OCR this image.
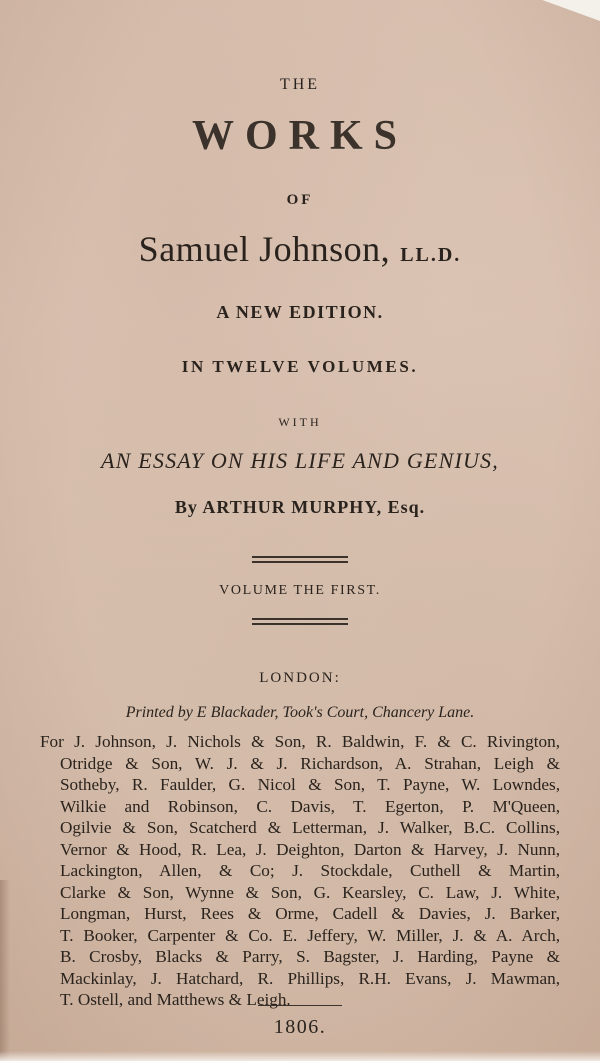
THE
WORKS
OF
Samuel Johnson, LL.D.
A NEW EDITION.
IN TWELVE VOLUMES.
WITH
AN ESSAY ON HIS LIFE AND GENIUS,
By ARTHUR MURPHY, Esq.
VOLUME THE FIRST.
LONDON:
Printed by E Blackader, Took's Court, Chancery Lane.
For J. Johnson, J. Nichols & Son, R. Baldwin, F. & C. Rivington,
Otridge & Son, W. J. & J. Richardson, A. Strahan, Leigh &
Sotheby, R. Faulder, G. Nicol & Son, T. Payne, W. Lowndes,
Wilkie and Robinson, C. Davis, T. Egerton, P. M'Queen,
Ogilvie & Son, Scatcherd & Letterman, J. Walker, B.C. Collins,
Vernor & Hood, R. Lea, J. Deighton, Darton & Harvey, J. Nunn,
Lackington, Allen, & Co; J. Stockdale, Cuthell & Martin,
Clarke & Son, Wynne & Son, G. Kearsley, C. Law, J. White,
Longman, Hurst, Rees & Orme, Cadell & Davies, J. Barker,
T. Booker, Carpenter & Co. E. Jeffery, W. Miller, J. & A. Arch,
B. Crosby, Blacks & Parry, S. Bagster, J. Harding, Payne &
Mackinlay, J. Hatchard, R. Phillips, R.H. Evans, J. Mawman,
T. Ostell, and Matthews & Leigh.
1806.
